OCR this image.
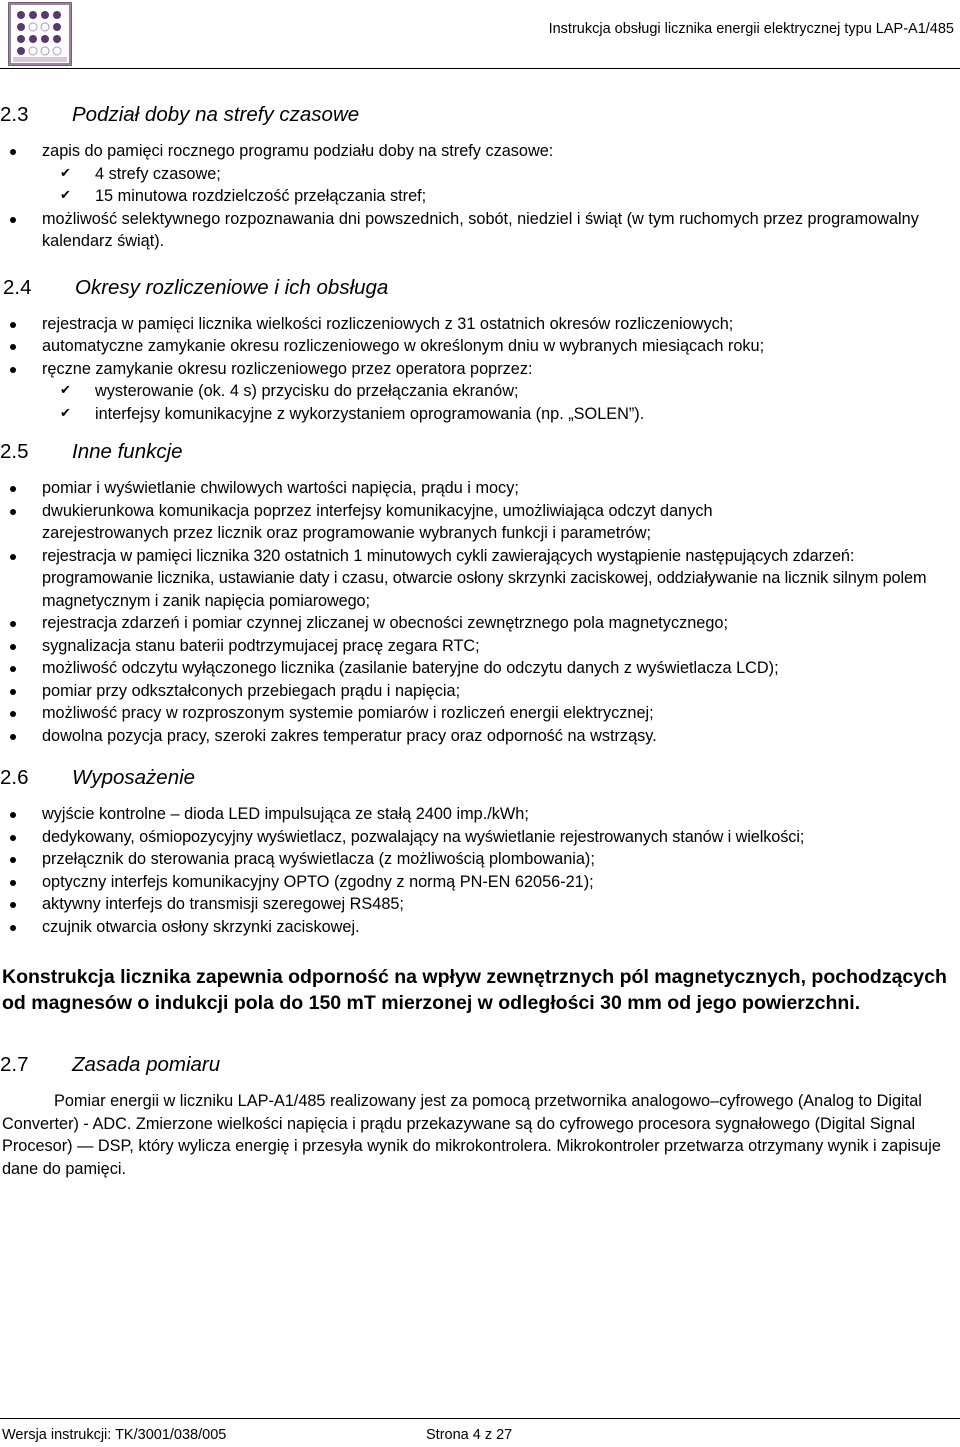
Instrukcja obsługi licznika energii elektrycznej typu LAP-A1/485
2.3	Podział doby na strefy czasowe
zapis do pamięci rocznego programu podziału doby na strefy czasowe:
✔ 4 strefy czasowe;
✔ 15 minutowa rozdzielczość przełączania stref;
możliwość selektywnego rozpoznawania dni powszednich, sobót, niedziel i świąt (w tym ruchomych przez programowalny kalendarz świąt).
2.4	Okresy rozliczeniowe i ich obsługa
rejestracja w pamięci licznika wielkości rozliczeniowych z 31 ostatnich okresów rozliczeniowych;
automatyczne zamykanie okresu rozliczeniowego w określonym dniu w wybranych miesiącach roku;
ręczne zamykanie okresu rozliczeniowego przez operatora poprzez:
✔ wysterowanie (ok. 4 s) przycisku do przełączania ekranów;
✔ interfejsy komunikacyjne z wykorzystaniem oprogramowania (np. „SOLEN”).
2.5	Inne funkcje
pomiar i wyświetlanie chwilowych wartości napięcia, prądu i mocy;
dwukierunkowa komunikacja poprzez interfejsy komunikacyjne, umożliwiająca odczyt danych zarejestrowanych przez licznik oraz programowanie wybranych funkcji i parametrów;
rejestracja w pamięci licznika 320 ostatnich 1 minutowych cykli zawierających wystąpienie następujących zdarzeń: programowanie licznika, ustawianie daty i czasu, otwarcie osłony skrzynki zaciskowej, oddziaływanie na licznik silnym polem magnetycznym i zanik napięcia pomiarowego;
rejestracja zdarzeń i pomiar czynnej zliczanej w obecności zewnętrznego pola magnetycznego;
sygnalizacja stanu baterii podtrzymujacej pracę zegara RTC;
możliwość odczytu wyłączonego licznika (zasilanie bateryjne do odczytu danych z wyświetlacza LCD);
pomiar przy odkształconych przebiegach prądu i napięcia;
możliwość pracy w rozproszonym systemie pomiarów i rozliczeń energii elektrycznej;
dowolna pozycja pracy, szeroki zakres temperatur pracy oraz odporność na wstrząsy.
2.6	Wyposażenie
wyjście kontrolne – dioda LED impulsująca ze stałą 2400 imp./kWh;
dedykowany, ośmiopozycyjny wyświetlacz, pozwalający na wyświetlanie rejestrowanych stanów i wielkości;
przełącznik do sterowania pracą wyświetlacza (z możliwością plombowania);
optyczny interfejs komunikacyjny OPTO (zgodny z normą PN-EN 62056-21);
aktywny interfejs do transmisji szeregowej RS485;
czujnik otwarcia osłony skrzynki zaciskowej.
Konstrukcja licznika zapewnia odporność na wpływ zewnętrznych pól magnetycznych, pochodzących od magnesów o indukcji pola do 150 mT mierzonej w odległości 30 mm od jego powierzchni.
2.7	Zasada pomiaru
Pomiar energii w liczniku LAP-A1/485 realizowany jest za pomocą przetwornika analogowo–cyfrowego (Analog to Digital Converter) - ADC. Zmierzone wielkości napięcia i prądu przekazywane są do cyfrowego procesora sygnałowego (Digital Signal Procesor) — DSP, który wylicza energię i przesyła wynik do mikrokontrolera. Mikrokontroler przetwarza otrzymany wynik i zapisuje dane do pamięci.
Wersja instrukcji: TK/3001/038/005	Strona 4 z 27
